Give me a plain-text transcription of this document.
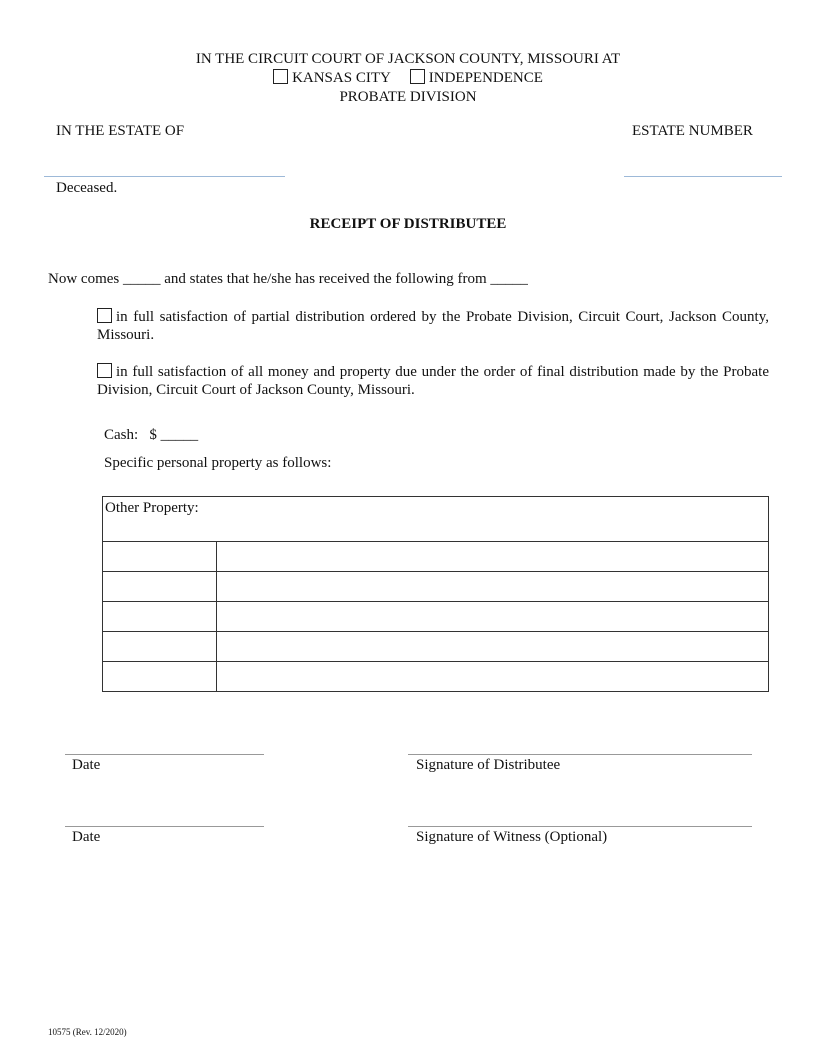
IN THE CIRCUIT COURT OF JACKSON COUNTY, MISSOURI AT
KANSAS CITY	INDEPENDENCE
PROBATE DIVISION
IN THE ESTATE OF	ESTATE NUMBER
Deceased.
RECEIPT OF DISTRIBUTEE
Now comes _____ and states that he/she has received the following from _____
in full satisfaction of partial distribution ordered by the Probate Division, Circuit Court, Jackson County, Missouri.
in full satisfaction of all money and property due under the order of final distribution made by the Probate Division, Circuit Court of Jackson County, Missouri.
Cash:   $ _____
Specific personal property as follows:
Other Property:	

Date	Signature of Distributee
Date	Signature of Witness (Optional)
10575 (Rev. 12/2020)
